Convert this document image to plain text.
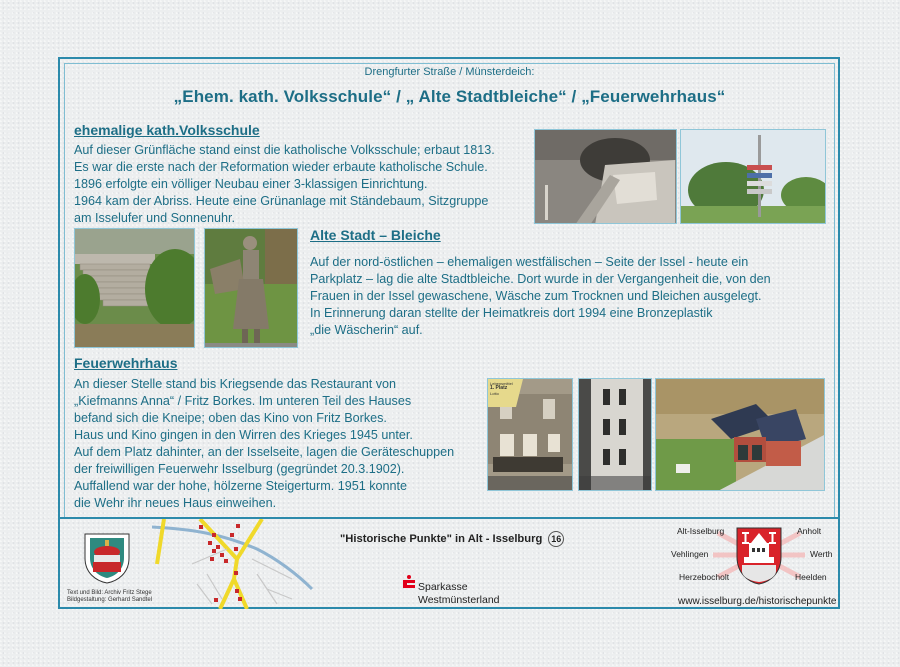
Drengfurter Straße / Münsterdeich:
„Ehem. kath. Volksschule“ / „ Alte Stadtbleiche“ / „Feuerwehrhaus“
ehemalige kath.Volksschule
Auf dieser Grünfläche stand einst die katholische Volksschule; erbaut 1813.
Es war die erste nach der Reformation wieder erbaute katholische Schule.
1896 erfolgte ein völliger Neubau einer 3-klassigen Einrichtung.
1964 kam der Abriss. Heute eine Grünanlage mit Ständebaum, Sitzgruppe
am Isselufer und Sonnenuhr.
Alte Stadt – Bleiche
Auf der nord-östlichen – ehemaligen westfälischen – Seite der Issel - heute ein
Parkplatz – lag die alte Stadtbleiche. Dort wurde in der Vergangenheit die, von den
Frauen in der Issel gewaschene, Wäsche zum Trocknen und Bleichen ausgelegt.
In Erinnerung daran stellte der Heimatkreis dort 1994 eine Bronzeplastik
„die Wäscherin“ auf.
Feuerwehrhaus
An dieser Stelle stand bis Kriegsende das Restaurant von
„Kiefmanns Anna“ / Fritz Borkes. Im unteren Teil des Hauses
befand sich die Kneipe; oben das Kino von Fritz Borkes.
Haus und Kino gingen in den Wirren des Krieges 1945 unter.
Auf dem Platz dahinter, an der Isselseite, lagen die Geräteschuppen
der freiwilligen Feuerwehr Isselburg (gegründet 20.3.1902).
Auffallend war der hohe, hölzerne Steigerturm. 1951 konnte
die Wehr ihr neues Haus einweihen.
Lebensmittel
1. Platz
Lotto
Text und Bild: Archiv Fritz Stege
Bildgestaltung: Gerhard Sandtel
"Historische Punkte" in Alt - Isselburg 16
Sparkasse
Westmünsterland
Alt-Isselburg	Anholt
Vehlingen	Werth
Herzebocholt	Heelden
www.isselburg.de/historischepunkte
